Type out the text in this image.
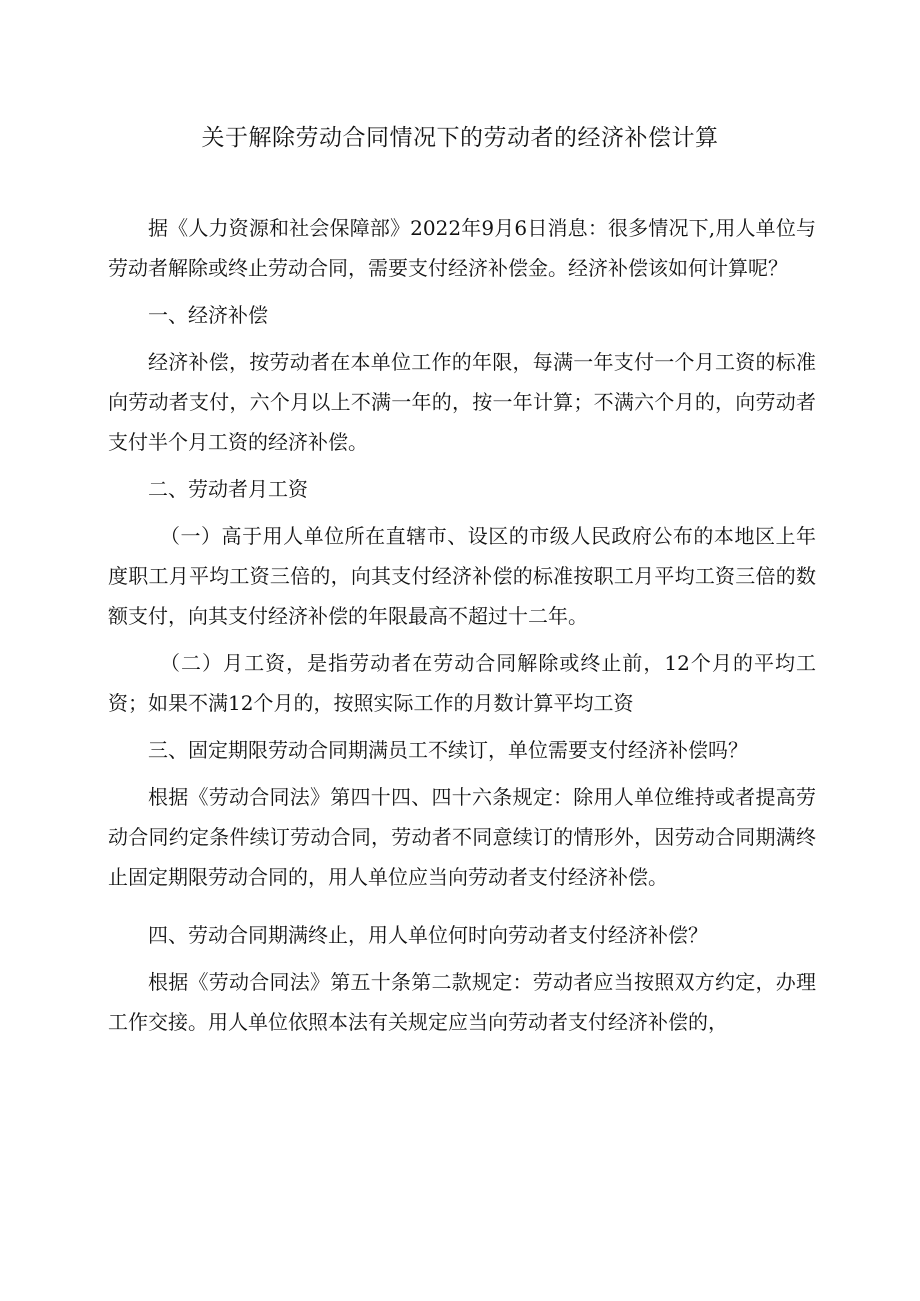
关于解除劳动合同情况下的劳动者的经济补偿计算

据《人力资源和社会保障部》2022年9月6日消息：很多情况下,用人单位与劳动者解除或终止劳动合同，需要支付经济补偿金。经济补偿该如何计算呢？

一、经济补偿

经济补偿，按劳动者在本单位工作的年限，每满一年支付一个月工资的标准向劳动者支付，六个月以上不满一年的，按一年计算；不满六个月的，向劳动者支付半个月工资的经济补偿。

二、劳动者月工资

（一）高于用人单位所在直辖市、设区的市级人民政府公布的本地区上年度职工月平均工资三倍的，向其支付经济补偿的标准按职工月平均工资三倍的数额支付，向其支付经济补偿的年限最高不超过十二年。

（二）月工资，是指劳动者在劳动合同解除或终止前，12个月的平均工资；如果不满12个月的，按照实际工作的月数计算平均工资

三、固定期限劳动合同期满员工不续订，单位需要支付经济补偿吗？

根据《劳动合同法》第四十四、四十六条规定：除用人单位维持或者提高劳动合同约定条件续订劳动合同，劳动者不同意续订的情形外，因劳动合同期满终止固定期限劳动合同的，用人单位应当向劳动者支付经济补偿。

四、劳动合同期满终止，用人单位何时向劳动者支付经济补偿？

根据《劳动合同法》第五十条第二款规定：劳动者应当按照双方约定，办理工作交接。用人单位依照本法有关规定应当向劳动者支付经济补偿的，
